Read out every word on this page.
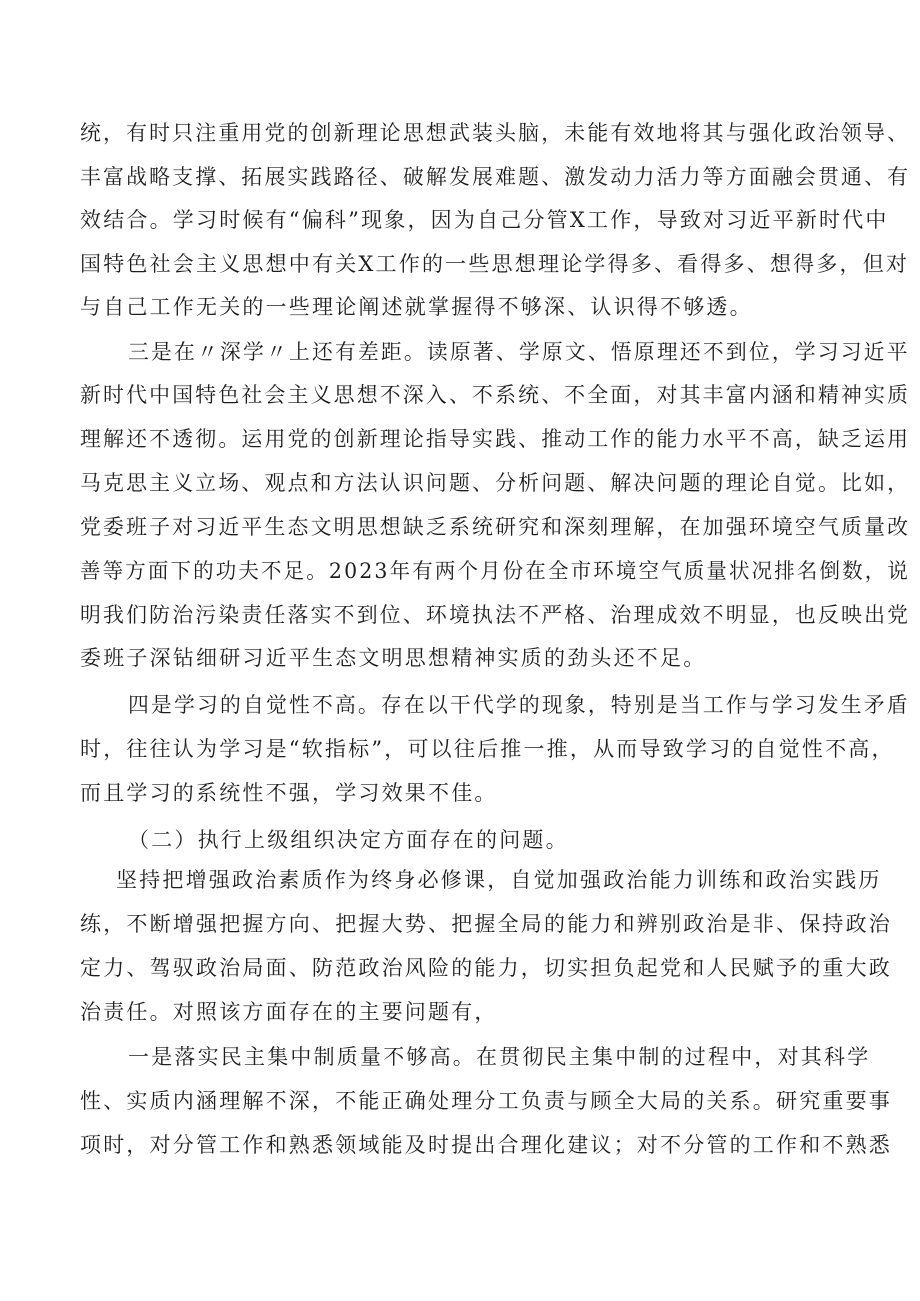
统，有时只注重用党的创新理论思想武装头脑，未能有效地将其与强化政治领导、
丰富战略支撑、拓展实践路径、破解发展难题、激发动力活力等方面融会贯通、有
效结合。学习时候有“偏科”现象，因为自己分管X工作，导致对习近平新时代中
国特色社会主义思想中有关X工作的一些思想理论学得多、看得多、想得多，但对
与自己工作无关的一些理论阐述就掌握得不够深、认识得不够透。
三是在〃深学〃上还有差距。读原著、学原文、悟原理还不到位，学习习近平
新时代中国特色社会主义思想不深入、不系统、不全面，对其丰富内涵和精神实质
理解还不透彻。运用党的创新理论指导实践、推动工作的能力水平不高，缺乏运用
马克思主义立场、观点和方法认识问题、分析问题、解决问题的理论自觉。比如，
党委班子对习近平生态文明思想缺乏系统研究和深刻理解，在加强环境空气质量改
善等方面下的功夫不足。2023年有两个月份在全市环境空气质量状况排名倒数，说
明我们防治污染责任落实不到位、环境执法不严格、治理成效不明显，也反映出党
委班子深钻细研习近平生态文明思想精神实质的劲头还不足。
四是学习的自觉性不高。存在以干代学的现象，特别是当工作与学习发生矛盾
时，往往认为学习是“软指标”，可以往后推一推，从而导致学习的自觉性不高，
而且学习的系统性不强，学习效果不佳。
（二）执行上级组织决定方面存在的问题。
坚持把增强政治素质作为终身必修课，自觉加强政治能力训练和政治实践历
练，不断增强把握方向、把握大势、把握全局的能力和辨别政治是非、保持政治
定力、驾驭政治局面、防范政治风险的能力，切实担负起党和人民赋予的重大政
治责任。对照该方面存在的主要问题有，
一是落实民主集中制质量不够高。在贯彻民主集中制的过程中，对其科学
性、实质内涵理解不深，不能正确处理分工负责与顾全大局的关系。研究重要事
项时，对分管工作和熟悉领域能及时提出合理化建议；对不分管的工作和不熟悉
